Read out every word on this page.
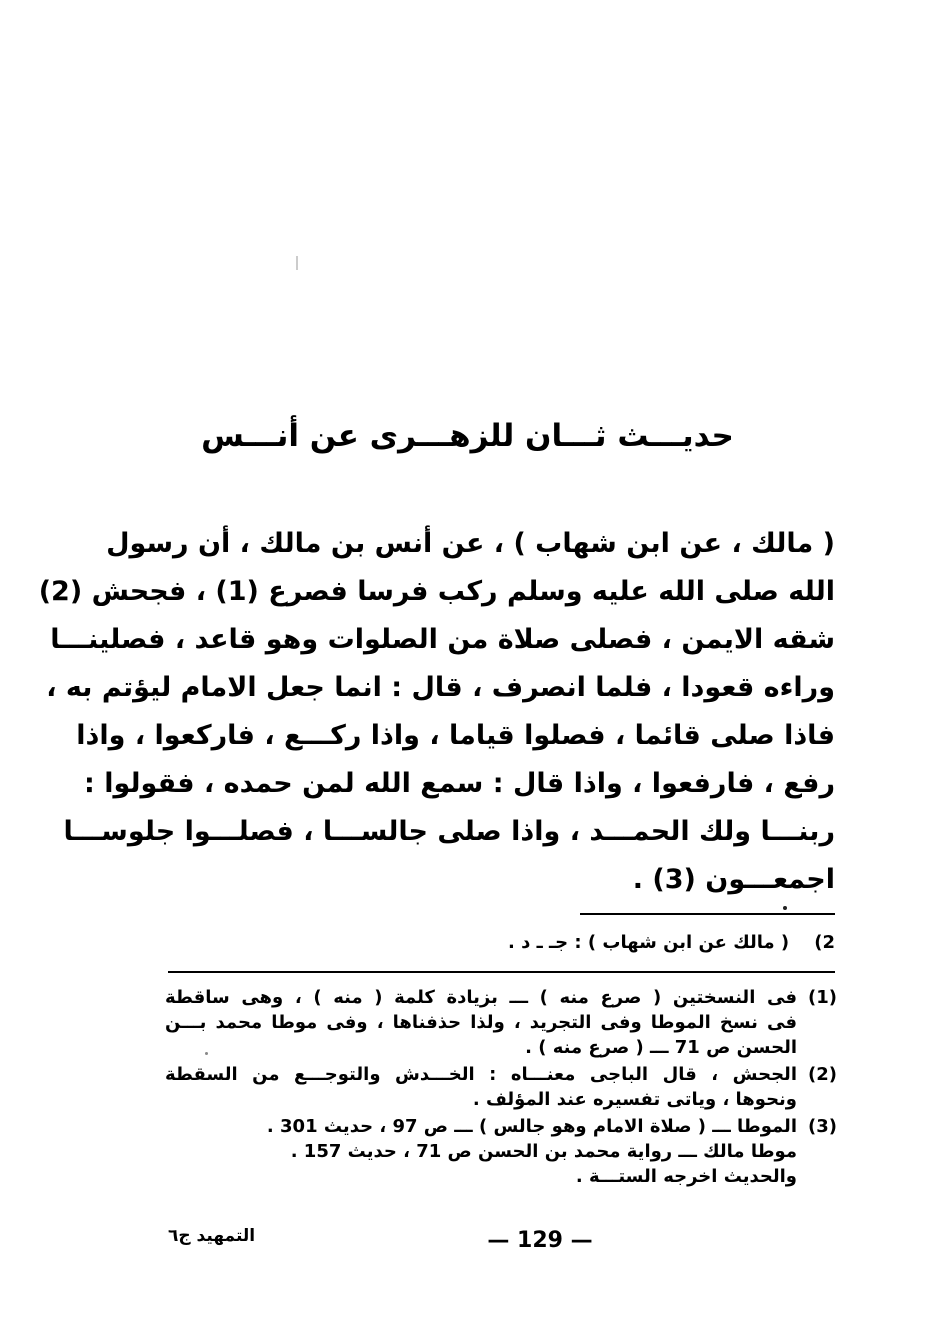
حديـــث ثـــان للزهـــرى عن أنـــس
( مالك ، عن ابن شهاب ) ، عن أنس بن مالك ، أن رسول
الله صلى الله عليه وسلم ركب فرسا فصرع (1) ، فجحش (2)
شقه الايمن ، فصلى صلاة من الصلوات وهو قاعد ، فصلينـــا
وراءه قعودا ، فلما انصرف ، قال : انما جعل الامام ليؤتم به ،
فاذا صلى قائما ، فصلوا قياما ، واذا ركـــع ، فاركعوا ، واذا
رفع ، فارفعوا ، واذا قال : سمع الله لمن حمده ، فقولوا :
ربنـــا ولك الحمـــد ، واذا صلى جالســـا ، فصلـــوا جلوســـا
اجمعـــون (3) .
2)    ( مالك عن ابن شهاب ) : جـ ـ د .
(1)
فى النسختين ( صرع منه ) ـــ بزيادة كلمة ( منه ) ، وهى ساقطة
فى نسخ الموطا وفى التجريد ، ولذا حذفناها ، وفى موطا محمد بـــن
الحسن ص 71 ـــ ( صرع منه ) .
(2)
الجحش ، قال الباجى معنـــاه : الخـــدش والتوجـــع من السقطة
ونحوها ، وياتى تفسيره عند المؤلف .
(3)
الموطا ـــ ( صلاة الامام وهو جالس ) ـــ ص 97 ، حديث 301 .
موطا مالك ـــ رواية محمد بن الحسن ص 71 ، حديث 157 .
والحديث اخرجه الستـــة .
— 129 —
التمهيد ج٦
